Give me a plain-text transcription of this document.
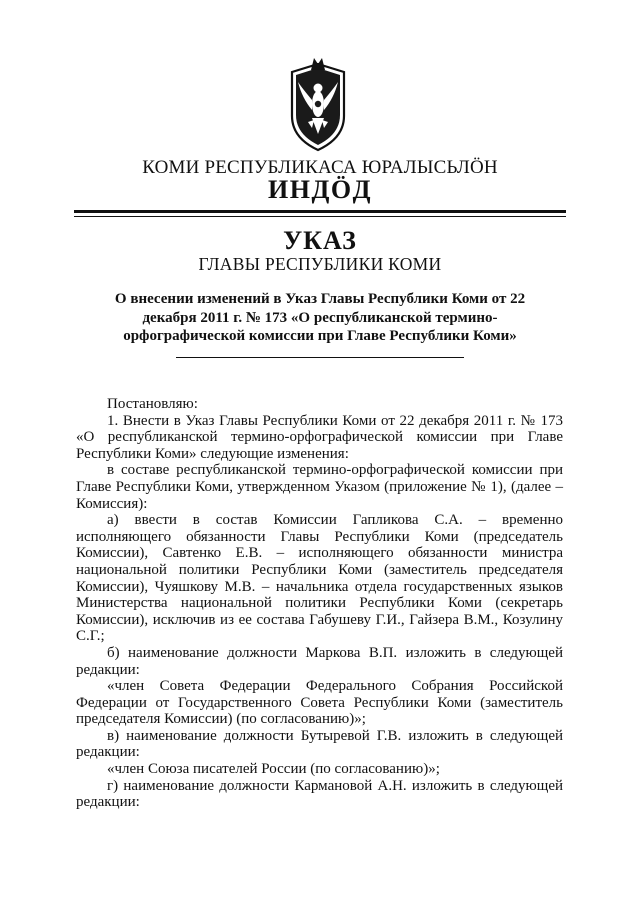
КОМИ РЕСПУБЛИКАСА ЮРАЛЫСЬЛӦН
ИНДӦД
УКАЗ
ГЛАВЫ РЕСПУБЛИКИ КОМИ
О внесении изменений в Указ Главы Республики Коми от 22 декабря 2011 г. № 173 «О республиканской термино-орфографической комиссии при Главе Республики Коми»

Постановляю:

1. Внести в Указ Главы Республики Коми от 22 декабря 2011 г. № 173 «О республиканской термино-орфографической комиссии при Главе Республики Коми» следующие изменения:

в составе республиканской термино-орфографической комиссии при Главе Республики Коми, утвержденном Указом (приложение № 1), (далее – Комиссия):

а) ввести в состав Комиссии Гапликова С.А. – временно исполняющего обязанности Главы Республики Коми (председатель Комиссии), Савтенко Е.В. – исполняющего обязанности министра национальной политики Республики Коми (заместитель председателя Комиссии), Чуяшкову М.В. – начальника отдела государственных языков Министерства национальной политики Республики Коми (секретарь Комиссии), исключив из ее состава Габушеву Г.И., Гайзера В.М., Козулину С.Г.;

б) наименование должности Маркова В.П. изложить в следующей редакции:

«член Совета Федерации Федерального Собрания Российской Федерации от Государственного Совета Республики Коми (заместитель председателя Комиссии) (по согласованию)»;

в) наименование должности Бутыревой Г.В. изложить в следующей редакции:

«член Союза писателей России (по согласованию)»;

г) наименование должности Кармановой А.Н. изложить в следующей редакции:
